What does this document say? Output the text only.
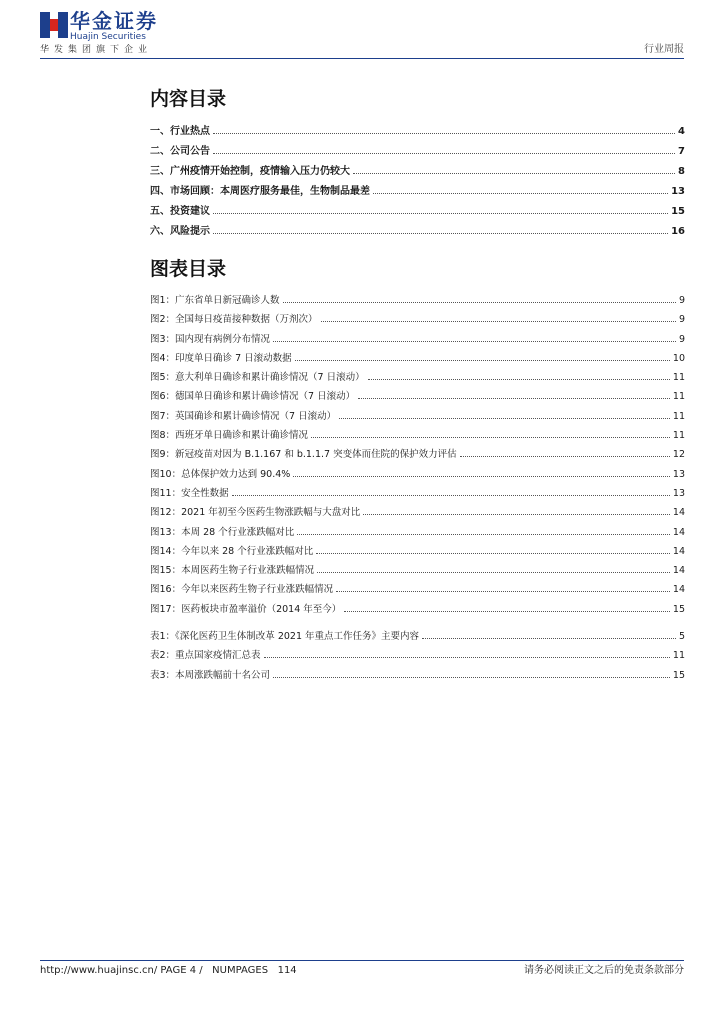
华金证券
Huajin Securities
华发集团旗下企业	行业周报
内容目录
一、行业热点	4
二、公司公告	7
三、广州疫情开始控制，疫情输入压力仍较大	8
四、市场回顾：本周医疗服务最佳，生物制品最差	13
五、投资建议	15
六、风险提示	16
图表目录
图1：广东省单日新冠确诊人数	9
图2：全国每日疫苗接种数据（万剂次）	9
图3：国内现有病例分布情况	9
图4：印度单日确诊 7 日滚动数据	10
图5：意大利单日确诊和累计确诊情况（7 日滚动）	11
图6：德国单日确诊和累计确诊情况（7 日滚动）	11
图7：英国确诊和累计确诊情况（7 日滚动）	11
图8：西班牙单日确诊和累计确诊情况	11
图9：新冠疫苗对因为 B.1.167 和 b.1.1.7 突变体而住院的保护效力评估	12
图10：总体保护效力达到 90.4%	13
图11：安全性数据	13
图12：2021 年初至今医药生物涨跌幅与大盘对比	14
图13：本周 28 个行业涨跌幅对比	14
图14：今年以来 28 个行业涨跌幅对比	14
图15：本周医药生物子行业涨跌幅情况	14
图16：今年以来医药生物子行业涨跌幅情况	14
图17：医药板块市盈率溢价（2014 年至今）	15
表1：《深化医药卫生体制改革 2021 年重点工作任务》主要内容	5
表2：重点国家疫情汇总表	11
表3：本周涨跌幅前十名公司	15
http://www.huajinsc.cn/ PAGE 4 /   NUMPAGES   114	请务必阅读正文之后的免责条款部分
